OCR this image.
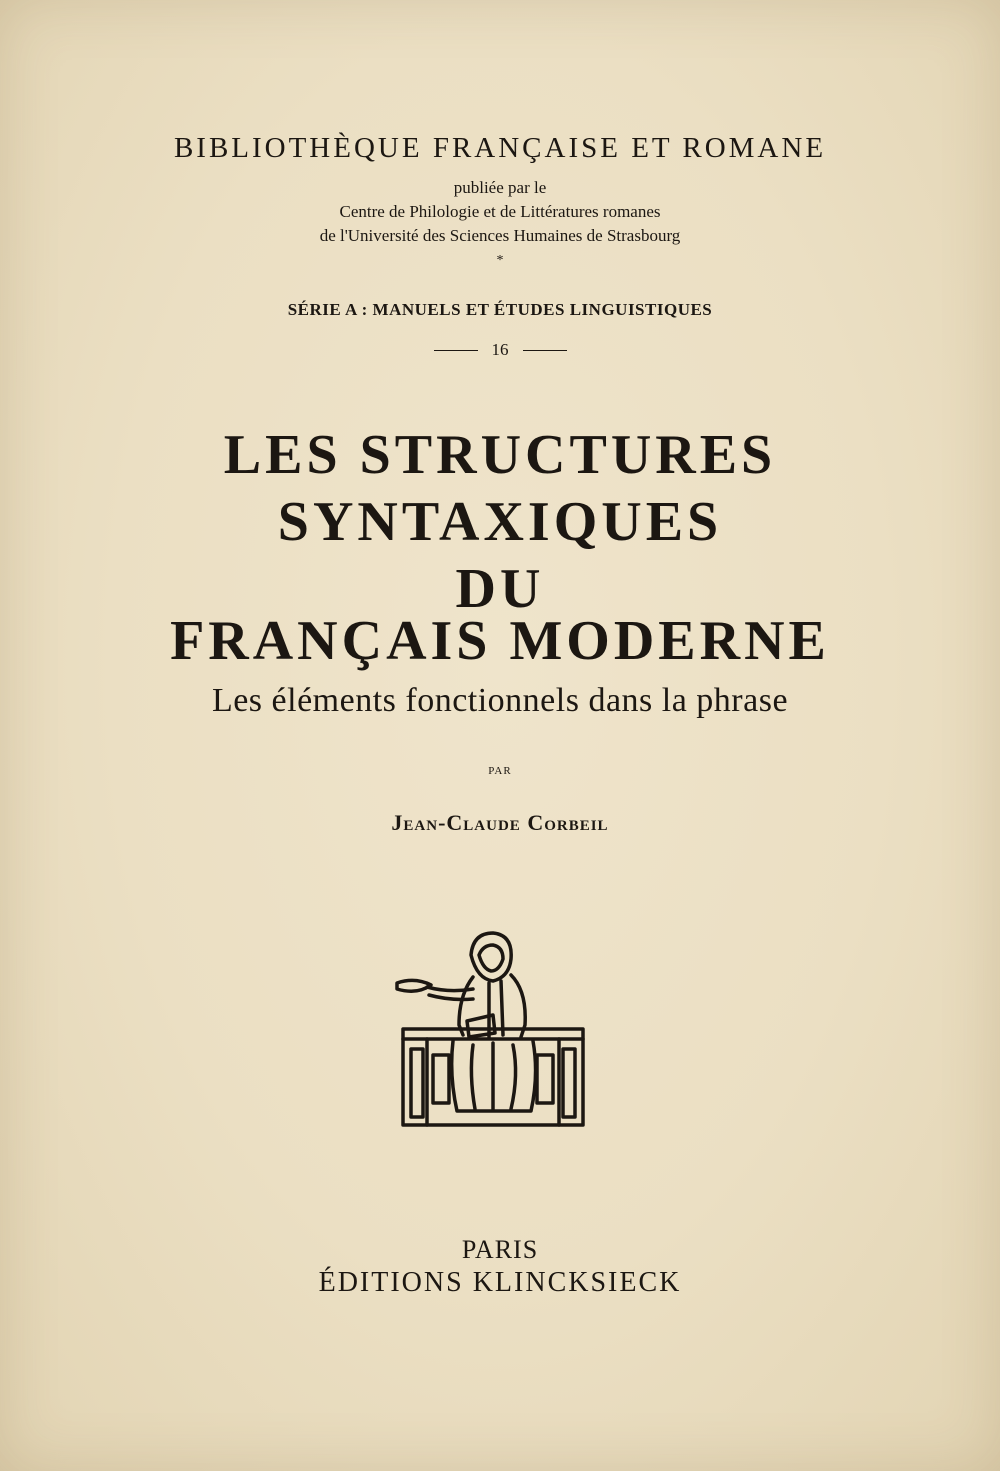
BIBLIOTHÈQUE FRANÇAISE ET ROMANE
publiée par le
Centre de Philologie et de Littératures romanes
de l'Université des Sciences Humaines de Strasbourg
*
SÉRIE A : MANUELS ET ÉTUDES LINGUISTIQUES
16
LES STRUCTURES
SYNTAXIQUES
DU
FRANÇAIS MODERNE
Les éléments fonctionnels dans la phrase
PAR
Jean-Claude Corbeil
PARIS
ÉDITIONS KLINCKSIECK
